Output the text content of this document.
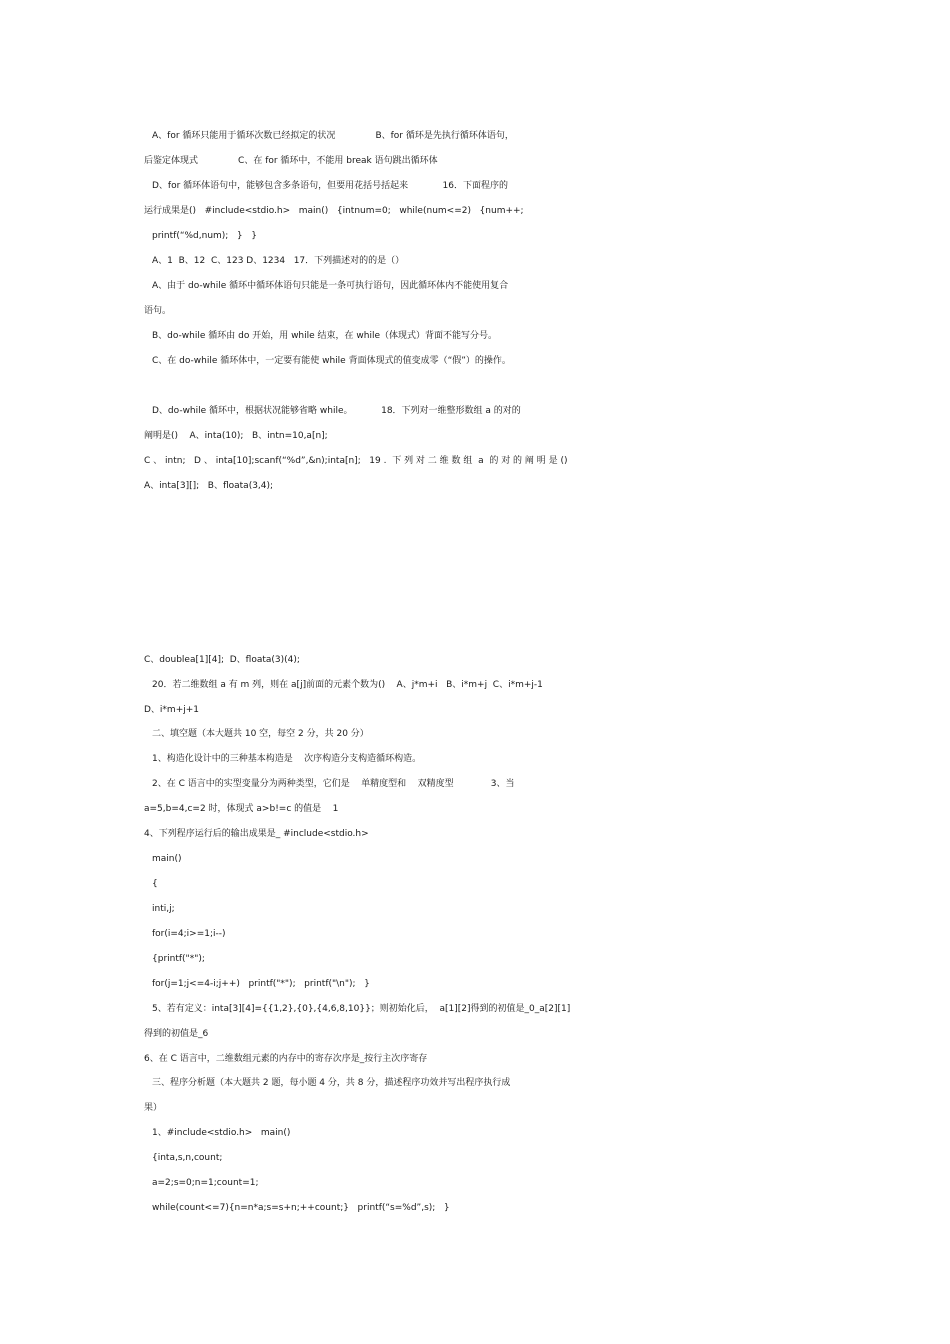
A、for 循环只能用于循环次数已经拟定的状况              B、for 循环是先执行循环体语句，
后鉴定体现式              C、在 for 循环中，不能用 break 语句跳出循环体
D、for 循环体语句中，能够包含多条语句，但要用花括号括起来            16．下面程序的
运行成果是()   #include<stdio.h>   main()   {intnum=0;   while(num<=2)   {num++;
printf(“%d,num);   }   }
A、1  B、12  C、123 D、1234   17．下列描述对的的是（）
A、由于 do-while 循环中循环体语句只能是一条可执行语句，因此循环体内不能使用复合
语句。
B、do-while 循环由 do 开始，用 while 结束，在 while（体现式）背面不能写分号。
C、在 do-while 循环体中，一定要有能使 while 背面体现式的值变成零（“假”）的操作。
D、do-while 循环中，根据状况能够省略 while。          18．下列对一维整形数组 a 的对的
阐明是()    A、inta(10);   B、intn=10,a[n];
C 、 intn;   D 、 inta[10];scanf(“%d”,&n);inta[n];   19 .  下 列 对 二 维 数 组  a  的 对 的 阐 明 是 ()
A、inta[3][];   B、floata(3,4);
C、doublea[1][4];  D、floata(3)(4);
20．若二维数组 a 有 m 列，则在 a[j]前面的元素个数为()    A、j*m+i   B、i*m+j  C、i*m+j-1
D、i*m+j+1
二、填空题（本大题共 10 空，每空 2 分，共 20 分）
1、构造化设计中的三种基本构造是    次序构造分支构造循环构造。
2、在 C 语言中的实型变量分为两种类型，它们是    单精度型和    双精度型             3、当
a=5,b=4,c=2 时，体现式 a>b!=c 的值是    1
4、下列程序运行后的输出成果是_ #include<stdio.h>
main()
{
inti,j;
for(i=4;i>=1;i--)
{printf("*");
for(j=1;j<=4-i;j++)   printf("*");   printf("\n");   }
5、若有定义：inta[3][4]={{1,2},{0},{4,6,8,10}}；则初始化后，  a[1][2]得到的初值是_0_a[2][1]
得到的初值是_6
6、在 C 语言中，二维数组元素的内存中的寄存次序是_按行主次序寄存
三、程序分析题（本大题共 2 题，每小题 4 分，共 8 分，描述程序功效并写出程序执行成
果）
1、#include<stdio.h>   main()
{inta,s,n,count;
a=2;s=0;n=1;count=1;
while(count<=7){n=n*a;s=s+n;++count;}   printf(“s=%d”,s);   }
